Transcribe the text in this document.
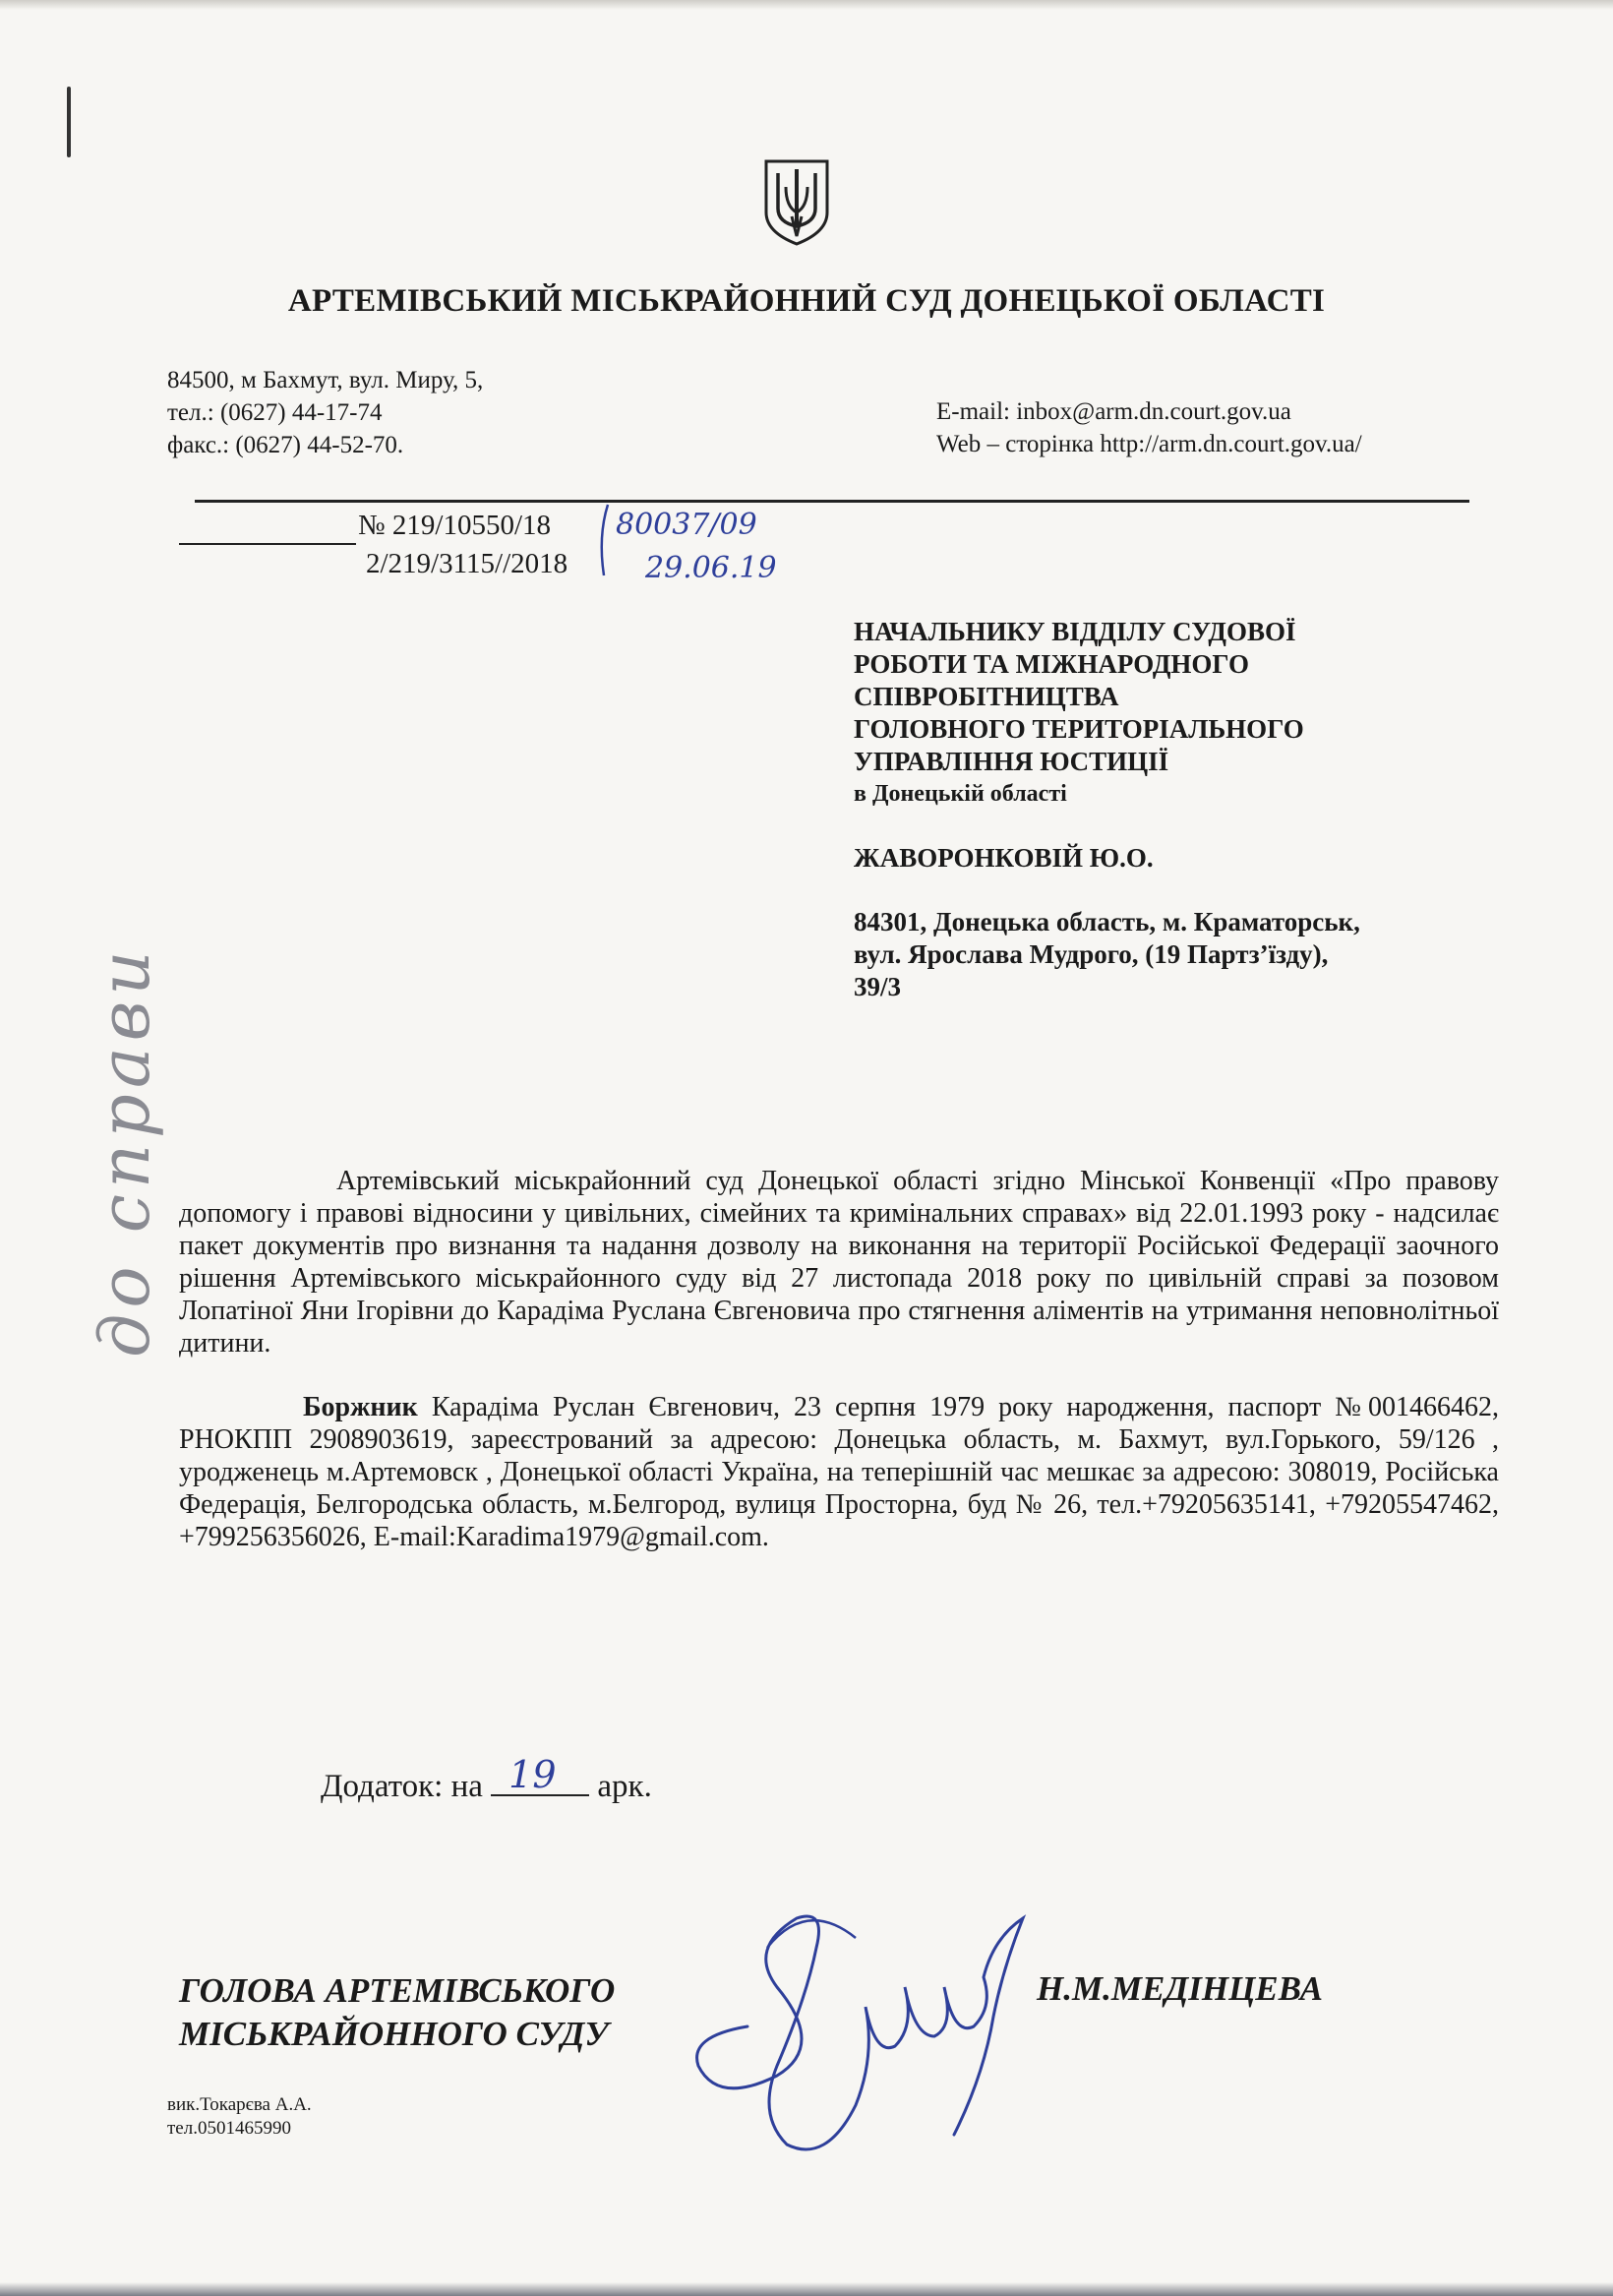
АРТЕМІВСЬКИЙ МІСЬКРАЙОННИЙ СУД ДОНЕЦЬКОЇ ОБЛАСТІ
84500, м Бахмут, вул. Миру, 5,
тел.: (0627) 44-17-74
факс.: (0627) 44-52-70.
E-mail: inbox@arm.dn.court.gov.ua
Web – сторінка http://arm.dn.court.gov.ua/
№ 219/10550/18
2/219/3115//2018
80037/09
29.06.19
НАЧАЛЬНИКУ ВІДДІЛУ СУДОВОЇ
РОБОТИ ТА МІЖНАРОДНОГО
СПІВРОБІТНИЦТВА
ГОЛОВНОГО ТЕРИТОРІАЛЬНОГО
УПРАВЛІННЯ ЮСТИЦІЇ
в Донецькій області
ЖАВОРОНКОВІЙ Ю.О.
84301, Донецька область, м. Краматорськ,
вул. Ярослава Мудрого, (19 Партз’їзду),
39/3
до справи	Артемівський міськрайонний суд Донецької області згідно Мінської Конвенції «Про правову допомогу і правові відносини у цивільних, сімейних та кримінальних справах» від 22.01.1993 року - надсилає пакет документів про визнання та надання дозволу на виконання на території Російської Федерації заочного рішення Артемівського міськрайонного суду від 27 листопада 2018 року по цивільній справі за позовом Лопатіної Яни Ігорівни до Карадіма Руслана Євгеновича про стягнення аліментів на утримання неповнолітньої дитини.

Боржник Карадіма Руслан Євгенович, 23 серпня 1979 року народження, паспорт №001466462, РНОКПП 2908903619, зареєстрований за адресою: Донецька область, м. Бахмут, вул.Горького, 59/126 , уродженець м.Артемовск , Донецької області Україна, на теперішній час мешкає за адресою: 308019, Російська Федерація, Белгородська область, м.Белгород, вулиця Просторна, буд № 26, тел.+79205635141, +79205547462, +799256356026, E-mail:Karadima1979@gmail.com.

Додаток: на 19 арк.
ГОЛОВА АРТЕМІВСЬКОГО
МІСЬКРАЙОННОГО СУДУ
Н.М.МЕДІНЦЕВА
вик.Токарєва А.А.
тел.0501465990
